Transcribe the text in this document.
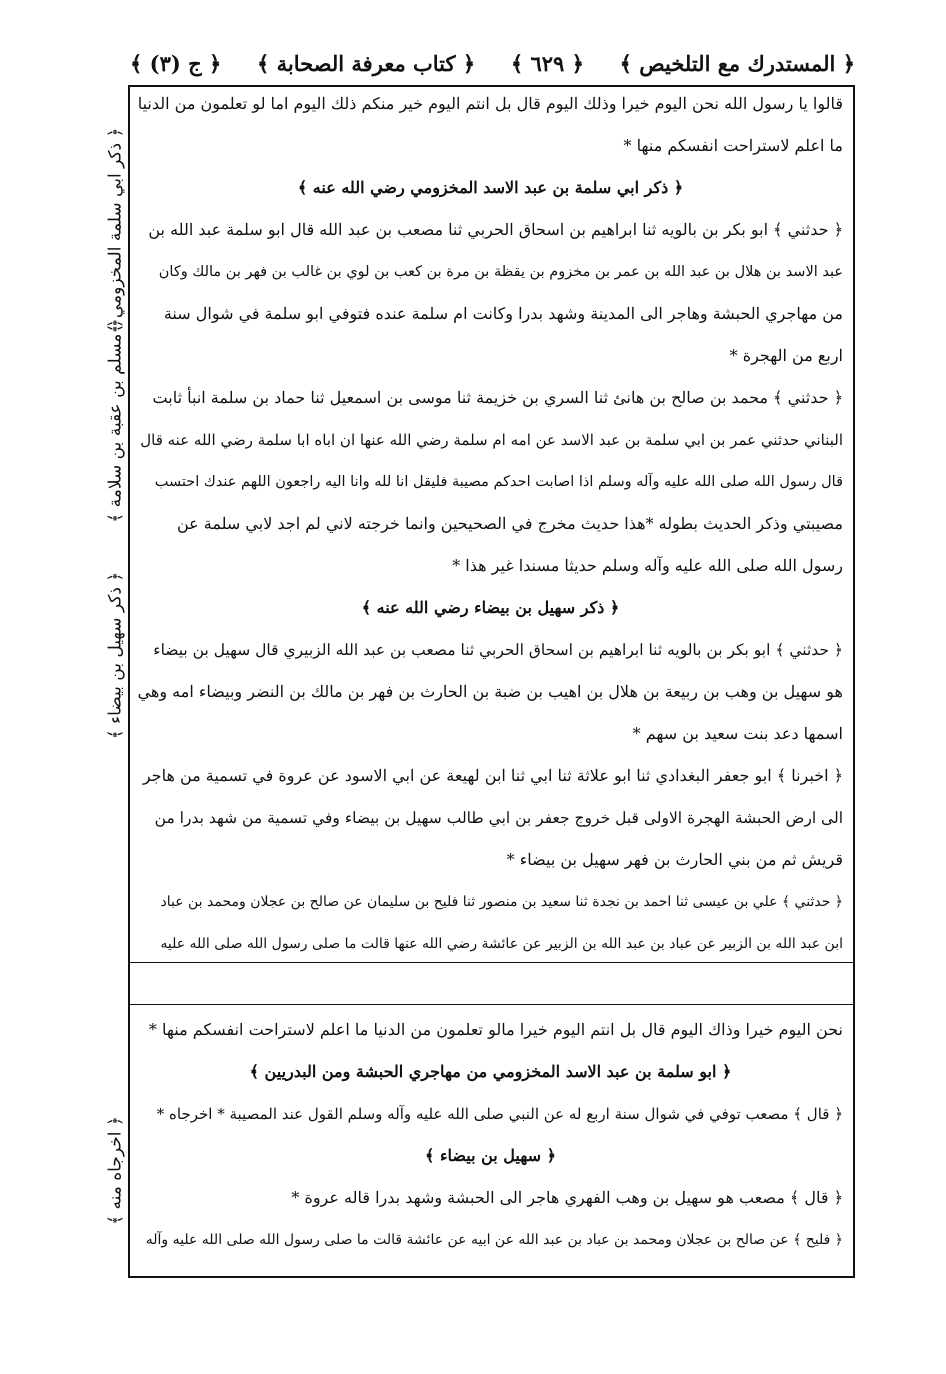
﴿ المستدرك مع التلخيص ﴾
﴿ ٦٢٩ ﴾
﴿ كتاب معرفة الصحابة ﴾
﴿ ج (٣) ﴾
﴿ ذكر ابي سلمة المخزومي ﴾
﴿ مسلم بن عقبة بن سلامة ﴾
﴿ ذكر سهيل بن بيضاء ﴾
﴿ اخرجاه منه ﴾
قالوا يا رسول الله نحن اليوم خيرا وذلك اليوم قال بل انتم اليوم خير منكم ذلك اليوم اما لو تعلمون من الدنيا
ما اعلم لاستراحت انفسكم منها *
﴿ ذكر ابي سلمة بن عبد الاسد المخزومي رضي الله عنه ﴾
﴿ حدثني ﴾ ابو بكر بن بالويه ثنا ابراهيم بن اسحاق الحربي ثنا مصعب بن عبد الله قال ابو سلمة عبد الله بن
عبد الاسد بن هلال بن عبد الله بن عمر بن مخزوم بن يقظة بن مرة بن كعب بن لوي بن غالب بن فهر بن مالك وكان
من مهاجري الحبشة وهاجر الى المدينة وشهد بدرا وكانت ام سلمة عنده فتوفي ابو سلمة في شوال سنة
اربع من الهجرة *
﴿ حدثني ﴾ محمد بن صالح بن هانئ ثنا السري بن خزيمة ثنا موسى بن اسمعيل ثنا حماد بن سلمة انبأ ثابت
البناني حدثني عمر بن ابي سلمة بن عبد الاسد عن امه ام سلمة رضي الله عنها ان اباه ابا سلمة رضي الله عنه قال
قال رسول الله صلى الله عليه وآله وسلم اذا اصابت احدكم مصيبة فليقل انا لله وانا اليه راجعون اللهم عندك احتسب
مصيبتي وذكر الحديث بطوله *هذا حديث مخرج في الصحيحين وانما خرجته لاني لم اجد لابي سلمة عن
رسول الله صلى الله عليه وآله وسلم حديثا مسندا غير هذا *
﴿ ذكر سهيل بن بيضاء رضي الله عنه ﴾
﴿ حدثني ﴾ ابو بكر بن بالويه ثنا ابراهيم بن اسحاق الحربي ثنا مصعب بن عبد الله الزبيري قال سهيل بن بيضاء
هو سهيل بن وهب بن ربيعة بن هلال بن اهيب بن ضبة بن الحارث بن فهر بن مالك بن النضر وبيضاء امه وهي
اسمها دعد بنت سعيد بن سهم *
﴿ اخبرنا ﴾ ابو جعفر البغدادي ثنا ابو علاثة ثنا ابي ثنا ابن لهيعة عن ابي الاسود عن عروة في تسمية من هاجر
الى ارض الحبشة الهجرة الاولى قبل خروج جعفر بن ابي طالب سهيل بن بيضاء وفي تسمية من شهد بدرا من
قريش ثم من بني الحارث بن فهر سهيل بن بيضاء *
﴿ حدثني ﴾ علي بن عيسى ثنا احمد بن نجدة ثنا سعيد بن منصور ثنا فليح بن سليمان عن صالح بن عجلان ومحمد بن عباد
ابن عبد الله بن الزبير عن عباد بن عبد الله بن الزبير عن عائشة رضي الله عنها قالت ما صلى رسول الله صلى الله عليه
نحن اليوم خيرا وذاك اليوم قال بل انتم اليوم خيرا مالو تعلمون من الدنيا ما اعلم لاستراحت انفسكم منها *
﴿ ابو سلمة بن عبد الاسد المخزومي من مهاجري الحبشة ومن البدريين ﴾
﴿ قال ﴾ مصعب توفي في شوال سنة اربع له عن النبي صلى الله عليه وآله وسلم القول عند المصيبة * اخرجاه *
﴿ سهيل بن بيضاء ﴾
﴿ قال ﴾ مصعب هو سهيل بن وهب الفهري هاجر الى الحبشة وشهد بدرا قاله عروة *
﴿ فليح ﴾ عن صالح بن عجلان ومحمد بن عباد بن عبد الله عن ابيه عن عائشة قالت ما صلى رسول الله صلى الله عليه وآله
